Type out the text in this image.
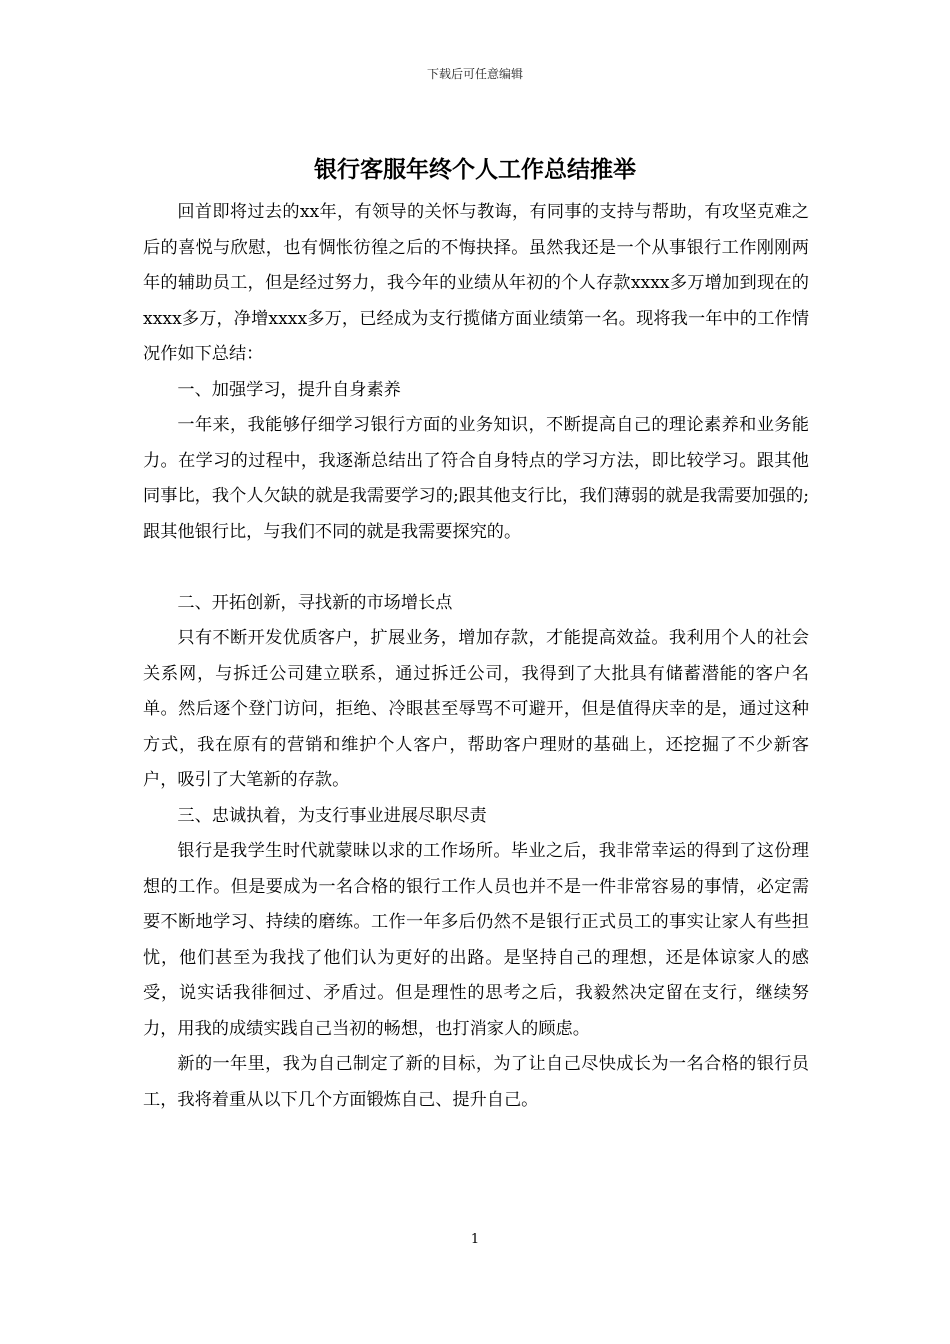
下载后可任意编辑
银行客服年终个人工作总结推举

回首即将过去的xx年，有领导的关怀与教诲，有同事的支持与帮助，有攻坚克难之后的喜悦与欣慰，也有惆怅彷徨之后的不悔抉择。虽然我还是一个从事银行工作刚刚两年的辅助员工，但是经过努力，我今年的业绩从年初的个人存款xxxx多万增加到现在的xxxx多万，净增xxxx多万，已经成为支行揽储方面业绩第一名。现将我一年中的工作情况作如下总结：

一、加强学习，提升自身素养

一年来，我能够仔细学习银行方面的业务知识，不断提高自己的理论素养和业务能力。在学习的过程中，我逐渐总结出了符合自身特点的学习方法，即比较学习。跟其他同事比，我个人欠缺的就是我需要学习的;跟其他支行比，我们薄弱的就是我需要加强的;跟其他银行比，与我们不同的就是我需要探究的。

二、开拓创新，寻找新的市场增长点

只有不断开发优质客户，扩展业务，增加存款，才能提高效益。我利用个人的社会关系网，与拆迁公司建立联系，通过拆迁公司，我得到了大批具有储蓄潜能的客户名单。然后逐个登门访问，拒绝、冷眼甚至辱骂不可避开，但是值得庆幸的是，通过这种方式，我在原有的营销和维护个人客户，帮助客户理财的基础上，还挖掘了不少新客户，吸引了大笔新的存款。

三、忠诚执着，为支行事业进展尽职尽责

银行是我学生时代就蒙昧以求的工作场所。毕业之后，我非常幸运的得到了这份理想的工作。但是要成为一名合格的银行工作人员也并不是一件非常容易的事情，必定需要不断地学习、持续的磨练。工作一年多后仍然不是银行正式员工的事实让家人有些担忧，他们甚至为我找了他们认为更好的出路。是坚持自己的理想，还是体谅家人的感受，说实话我徘徊过、矛盾过。但是理性的思考之后，我毅然决定留在支行，继续努力，用我的成绩实践自己当初的畅想，也打消家人的顾虑。

新的一年里，我为自己制定了新的目标，为了让自己尽快成长为一名合格的银行员工，我将着重从以下几个方面锻炼自己、提升自己。

1
